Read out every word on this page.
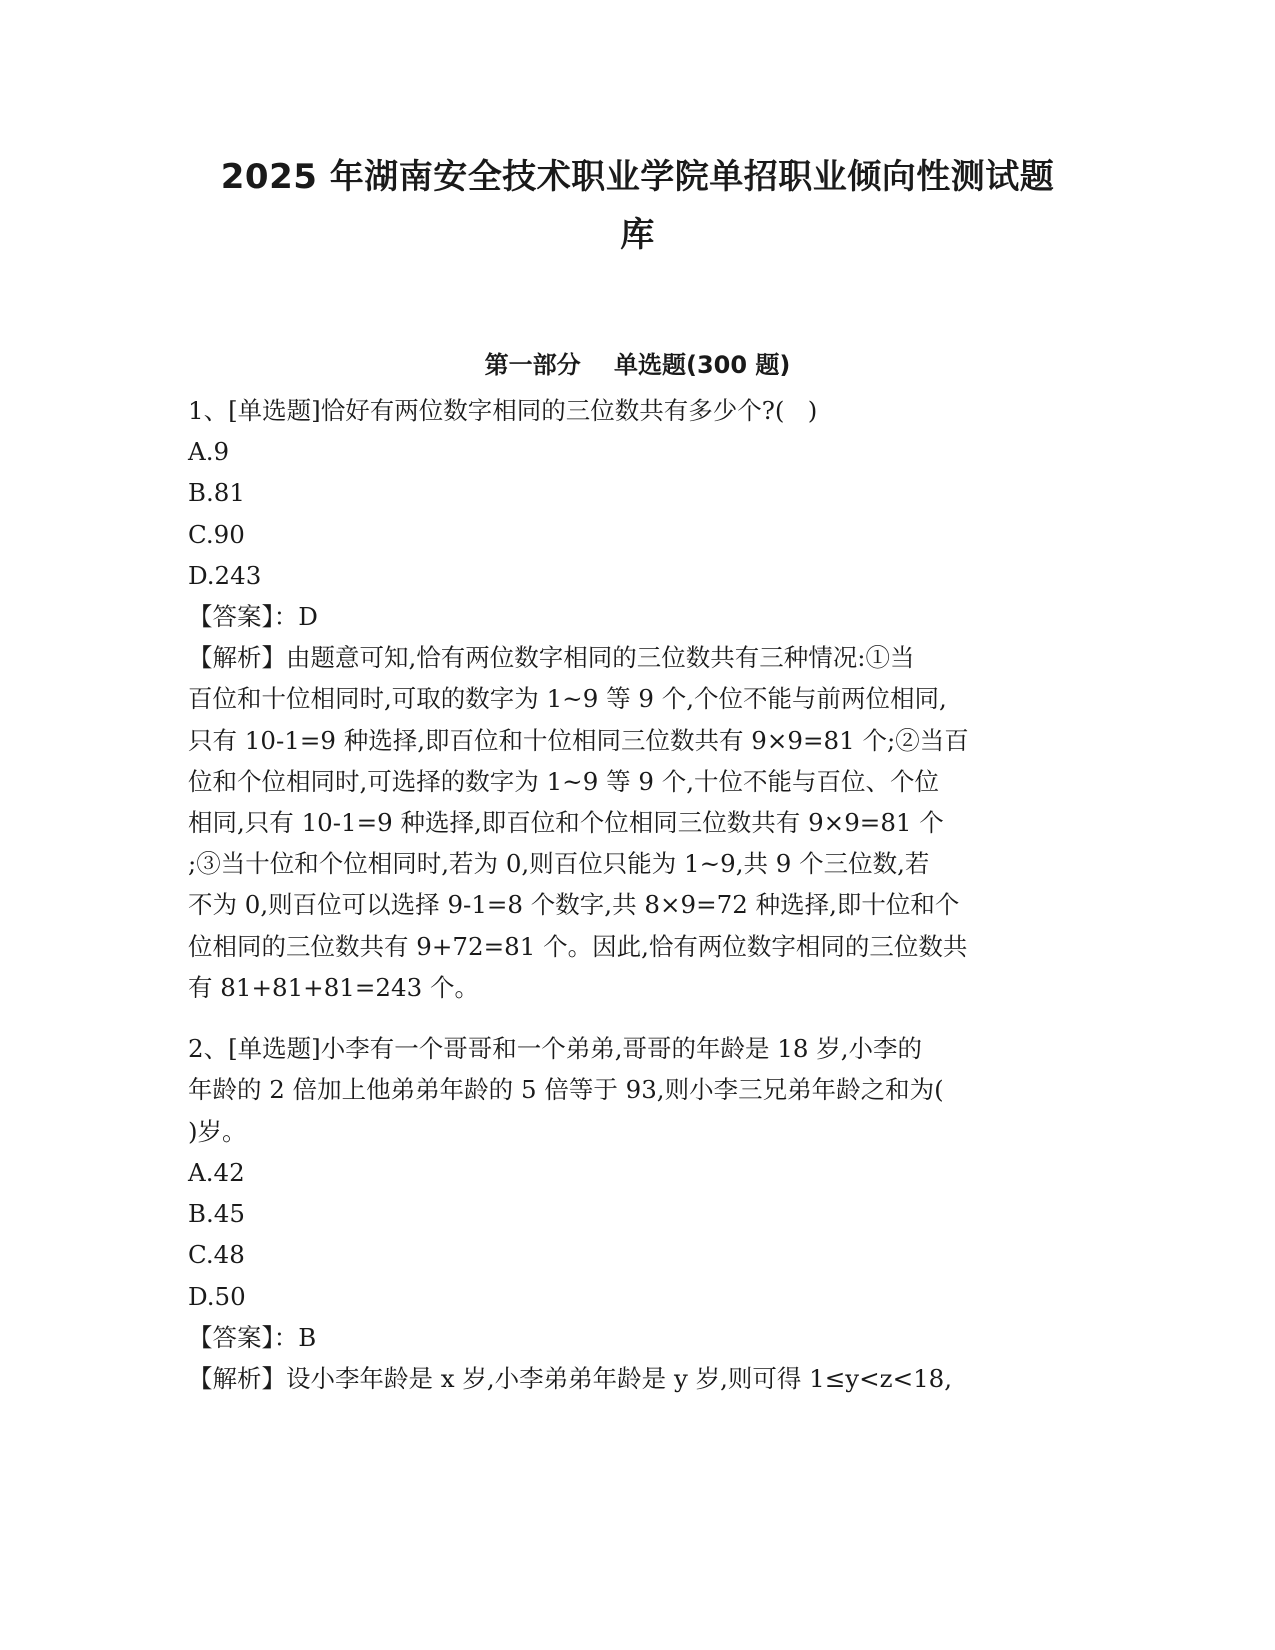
2025 年湖南安全技术职业学院单招职业倾向性测试题
库
第一部分    单选题(300 题)
1、[单选题]恰好有两位数字相同的三位数共有多少个?(   )
A.9
B.81
C.90
D.243
【答案】：D
【解析】由题意可知,恰有两位数字相同的三位数共有三种情况:①当
百位和十位相同时,可取的数字为 1~9 等 9 个,个位不能与前两位相同,
只有 10-1=9 种选择,即百位和十位相同三位数共有 9×9=81 个;②当百
位和个位相同时,可选择的数字为 1~9 等 9 个,十位不能与百位、个位
相同,只有 10-1=9 种选择,即百位和个位相同三位数共有 9×9=81 个
;③当十位和个位相同时,若为 0,则百位只能为 1~9,共 9 个三位数,若
不为 0,则百位可以选择 9-1=8 个数字,共 8×9=72 种选择,即十位和个
位相同的三位数共有 9+72=81 个。因此,恰有两位数字相同的三位数共
有 81+81+81=243 个。
2、[单选题]小李有一个哥哥和一个弟弟,哥哥的年龄是 18 岁,小李的
年龄的 2 倍加上他弟弟年龄的 5 倍等于 93,则小李三兄弟年龄之和为(
)岁。
A.42
B.45
C.48
D.50
【答案】：B
【解析】设小李年龄是 x 岁,小李弟弟年龄是 y 岁,则可得 1≤y<z<18,
